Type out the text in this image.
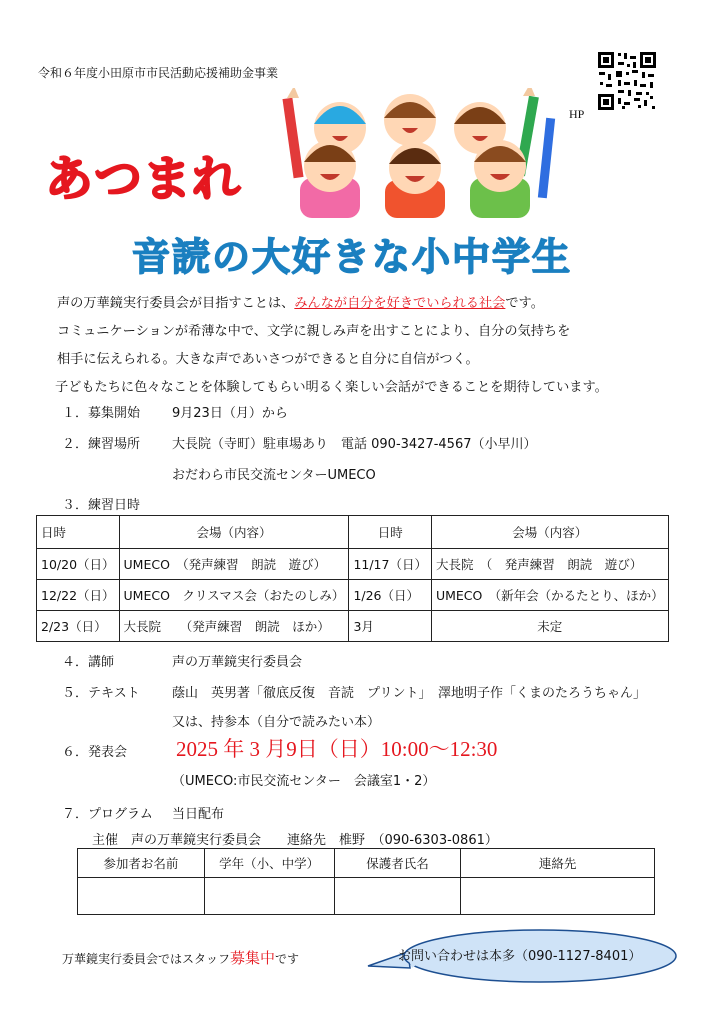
令和６年度小田原市市民活動応援補助金事業
HP
あつまれ
音読の大好きな小中学生

声の万華鏡実行委員会が目指すことは、みんなが自分を好きでいられる社会です。

コミュニケーションが希薄な中で、文学に親しみ声を出すことにより、自分の気持ちを

相手に伝えられる。大きな声であいさつができると自分に自信がつく。

子どもたちに色々なことを体験してもらい明るく楽しい会話ができることを期待しています。

１．募集開始 9月23日（月）から
２．練習場所 大長院（寺町）駐車場あり　電話 090-3427-4567（小早川）
おだわら市民交流センターUMECO
３．練習日時
日時	会場（内容）	日時	会場（内容）
10/20（日）	UMECO　（発声練習　朗読　遊び）	11/17（日）	大長院　（　発声練習　朗読　遊び）
12/22（日）	UMECO　クリスマス会（おたのしみ）	1/26（日）	UMECO　（新年会（かるたとり、ほか）
2/23（日）	大長院　　（発声練習　朗読　ほか）	3月	未定
４．講師	声の万華鏡実行委員会
５．テキスト 蔭山　英男著「徹底反復　音読　プリント」　澤地明子作「くまのたろうちゃん」
又は、持参本（自分で読みたい本）
６．発表会 2025 年 3 月9日（日）10:00～12:30
（UMECO:市民交流センター　会議室1・2）
７．プログラム 当日配布
主催　声の万華鏡実行委員会　　連絡先　椎野　（090-6303-0861）
参加者お名前	学年（小、中学）	保護者氏名	連絡先

万華鏡実行委員会ではスタッフ募集中です	お問い合わせは本多（090-1127-8401）
